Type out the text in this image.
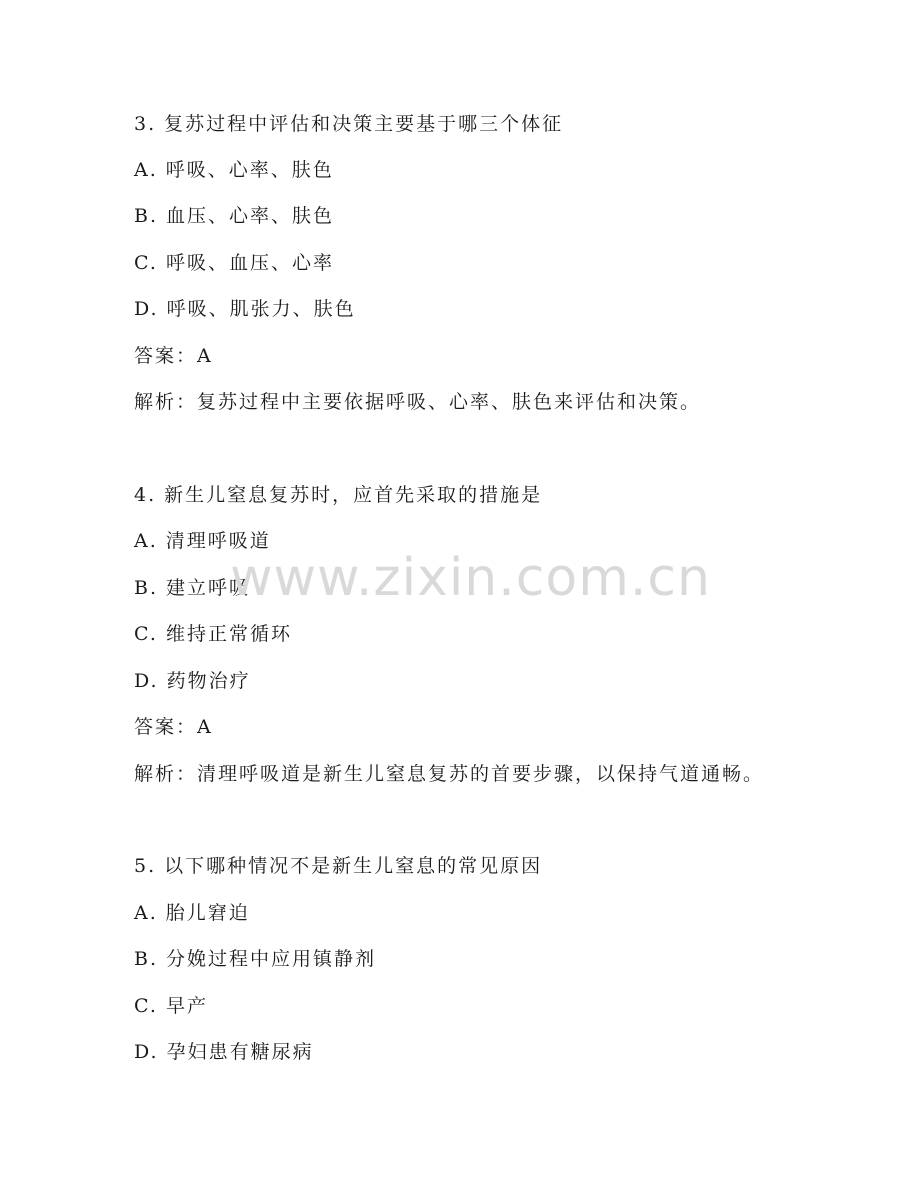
3. 复苏过程中评估和决策主要基于哪三个体征
A. 呼吸、心率、肤色
B. 血压、心率、肤色
C. 呼吸、血压、心率
D. 呼吸、肌张力、肤色
答案：A
解析：复苏过程中主要依据呼吸、心率、肤色来评估和决策。
4. 新生儿窒息复苏时，应首先采取的措施是
A. 清理呼吸道
B. 建立呼吸
C. 维持正常循环
D. 药物治疗
答案：A
解析：清理呼吸道是新生儿窒息复苏的首要步骤，以保持气道通畅。
5. 以下哪种情况不是新生儿窒息的常见原因
A. 胎儿窘迫
B. 分娩过程中应用镇静剂
C. 早产
D. 孕妇患有糖尿病
www.zixin.com.cn
